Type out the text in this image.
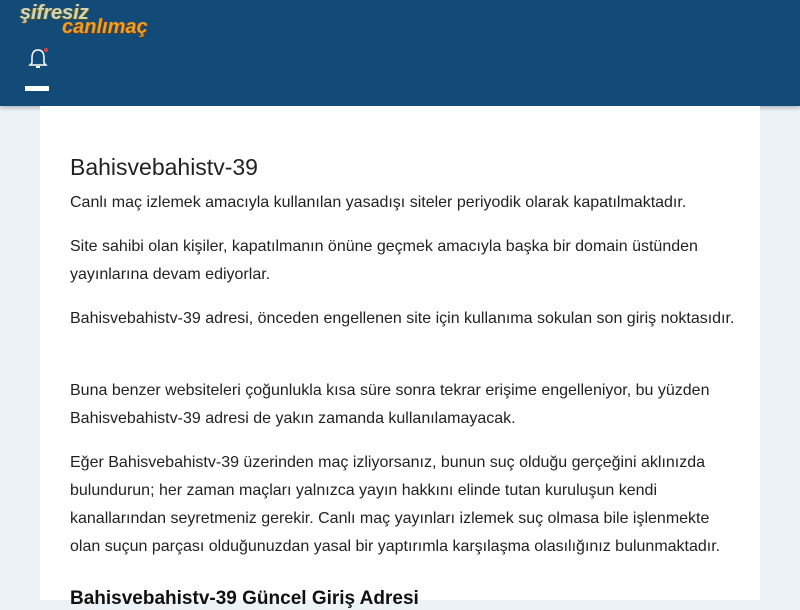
şifresiz
canlımaç
Bahisvebahistv-39

Canlı maç izlemek amacıyla kullanılan yasadışı siteler periyodik olarak kapatılmaktadır.

Site sahibi olan kişiler, kapatılmanın önüne geçmek amacıyla başka bir domain üstünden yayınlarına devam ediyorlar.

Bahisvebahistv-39 adresi, önceden engellenen site için kullanıma sokulan son giriş noktasıdır.

Buna benzer websiteleri çoğunlukla kısa süre sonra tekrar erişime engelleniyor, bu yüzden Bahisvebahistv-39 adresi de yakın zamanda kullanılamayacak.

Eğer Bahisvebahistv-39 üzerinden maç izliyorsanız, bunun suç olduğu gerçeğini aklınızda bulundurun; her zaman maçları yalnızca yayın hakkını elinde tutan kuruluşun kendi kanallarından seyretmeniz gerekir. Canlı maç yayınları izlemek suç olmasa bile işlenmekte olan suçun parçası olduğunuzdan yasal bir yaptırımla karşılaşma olasılığınız bulunmaktadır.

Bahisvebahistv-39 Güncel Giriş Adresi
